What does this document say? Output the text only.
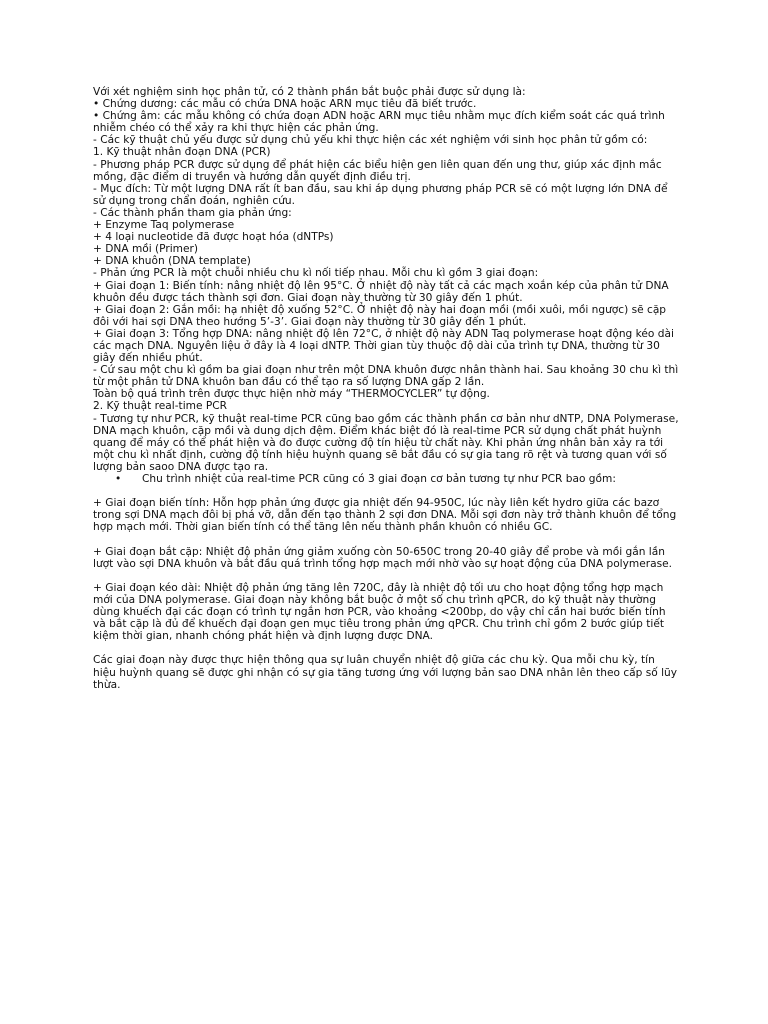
Với xét nghiệm sinh học phân tử, có 2 thành phần bắt buộc phải được sử dụng là:

• Chứng dương: các mẫu có chứa DNA hoặc ARN mục tiêu đã biết trước.

• Chứng âm: các mẫu không có chứa đoạn ADN hoặc ARN mục tiêu nhằm mục đích kiểm soát các quá trình nhiễm chéo có thể xảy ra khi thực hiện các phản ứng.

- Các kỹ thuật chủ yếu được sử dụng chủ yếu khi thực hiện các xét nghiệm với sinh học phân tử gồm có:

1. Kỹ thuật nhân đoạn DNA (PCR)

- Phương pháp PCR được sử dụng để phát hiện các biểu hiện gen liên quan đến ung thư, giúp xác định mắc mồng, đặc điểm di truyền và hướng dẫn quyết định điều trị.

- Mục đích: Từ một lượng DNA rất ít ban đầu, sau khi áp dụng phương pháp PCR sẽ có một lượng lớn DNA để sử dụng trong chẩn đoán, nghiên cứu.

- Các thành phần tham gia phản ứng:

+ Enzyme Taq polymerase

+ 4 loại nucleotide đã được hoạt hóa (dNTPs)

+ DNA mồi (Primer)

+ DNA khuôn (DNA template)

- Phản ứng PCR là một chuỗi nhiều chu kì nối tiếp nhau. Mỗi chu kì gồm 3 giai đoạn:

+ Giai đoạn 1: Biến tính: nâng nhiệt độ lên 95°C. Ở nhiệt độ này tất cả các mạch xoắn kép của phân tử DNA khuôn đều được tách thành sợi đơn. Giai đoạn này thường từ 30 giây đến 1 phút.

+ Giai đoạn 2: Gắn mồi: hạ nhiệt độ xuống 52°C. Ở nhiệt độ này hai đoạn mồi (mồi xuôi, mồi ngược) sẽ cặp đôi với hai sợi DNA theo hướng 5’-3’. Giai đoạn này thường từ 30 giây đến 1 phút.

+ Giai đoạn 3: Tổng hợp DNA: nâng nhiệt độ lên 72°C, ở nhiệt độ này ADN Taq polymerase hoạt động kéo dài các mạch DNA. Nguyên liệu ở đây là 4 loại dNTP. Thời gian tùy thuộc độ dài của trình tự DNA, thường từ 30 giây đến nhiều phút.

- Cứ sau một chu kì gồm ba giai đoạn như trên một DNA khuôn được nhân thành hai. Sau khoảng 30 chu kì thì từ một phân tử DNA khuôn ban đầu có thể tạo ra số lượng DNA gấp 2 lần.

Toàn bộ quá trình trên được thực hiện nhờ máy “THERMOCYCLER” tự động.

2. Kỹ thuật real-time PCR

- Tương tự như PCR, kỹ thuật real-time PCR cũng bao gồm các thành phần cơ bản như dNTP, DNA Polymerase, DNA mạch khuôn, cặp mồi và dung dịch đệm. Điểm khác biệt đó là real-time PCR sử dụng chất phát huỳnh quang để máy có thể phát hiện và đo được cường độ tín hiệu từ chất này. Khi phản ứng nhân bản xảy ra tới một chu kì nhất định, cường độ tính hiệu huỳnh quang sẽ bắt đầu có sự gia tang rõ rệt và tương quan với số lượng bản saoo DNA được tạo ra.

•	Chu trình nhiệt của real-time PCR cũng có 3 giai đoạn cơ bản tương tự như PCR bao gồm:

+ Giai đoạn biến tính: Hỗn hợp phản ứng được gia nhiệt đến 94-950C, lúc này liên kết hydro giữa các bazơ trong sợi DNA mạch đôi bị phá vỡ, dẫn đến tạo thành 2 sợi đơn DNA. Mỗi sợi đơn này trở thành khuôn để tổng hợp mạch mới. Thời gian biến tính có thể tăng lên nếu thành phần khuôn có nhiều GC.

+ Giai đoạn bắt cặp: Nhiệt độ phản ứng giảm xuống còn 50-650C trong 20-40 giây để probe và mồi gắn lần lượt vào sợi DNA khuôn và bắt đầu quá trình tổng hợp mạch mới nhờ vào sự hoạt động của DNA polymerase.

+ Giai đoạn kéo dài: Nhiệt độ phản ứng tăng lên 720C, đây là nhiệt độ tối ưu cho hoạt động tổng hợp mạch mới của DNA polymerase. Giai đoạn này không bắt buộc ở một số chu trình qPCR, do kỹ thuật này thường dùng khuếch đại các đoạn có trình tự ngắn hơn PCR, vào khoảng <200bp, do vậy chỉ cần hai bước biến tính và bắt cặp là đủ để khuếch đại đoạn gen mục tiêu trong phản ứng qPCR. Chu trình chỉ gồm 2 bước giúp tiết kiệm thời gian, nhanh chóng phát hiện và định lượng được DNA.

Các giai đoạn này được thực hiện thông qua sự luân chuyển nhiệt độ giữa các chu kỳ. Qua mỗi chu kỳ, tín hiệu huỳnh quang sẽ được ghi nhận có sự gia tăng tương ứng với lượng bản sao DNA nhân lên theo cấp số lũy thừa.
